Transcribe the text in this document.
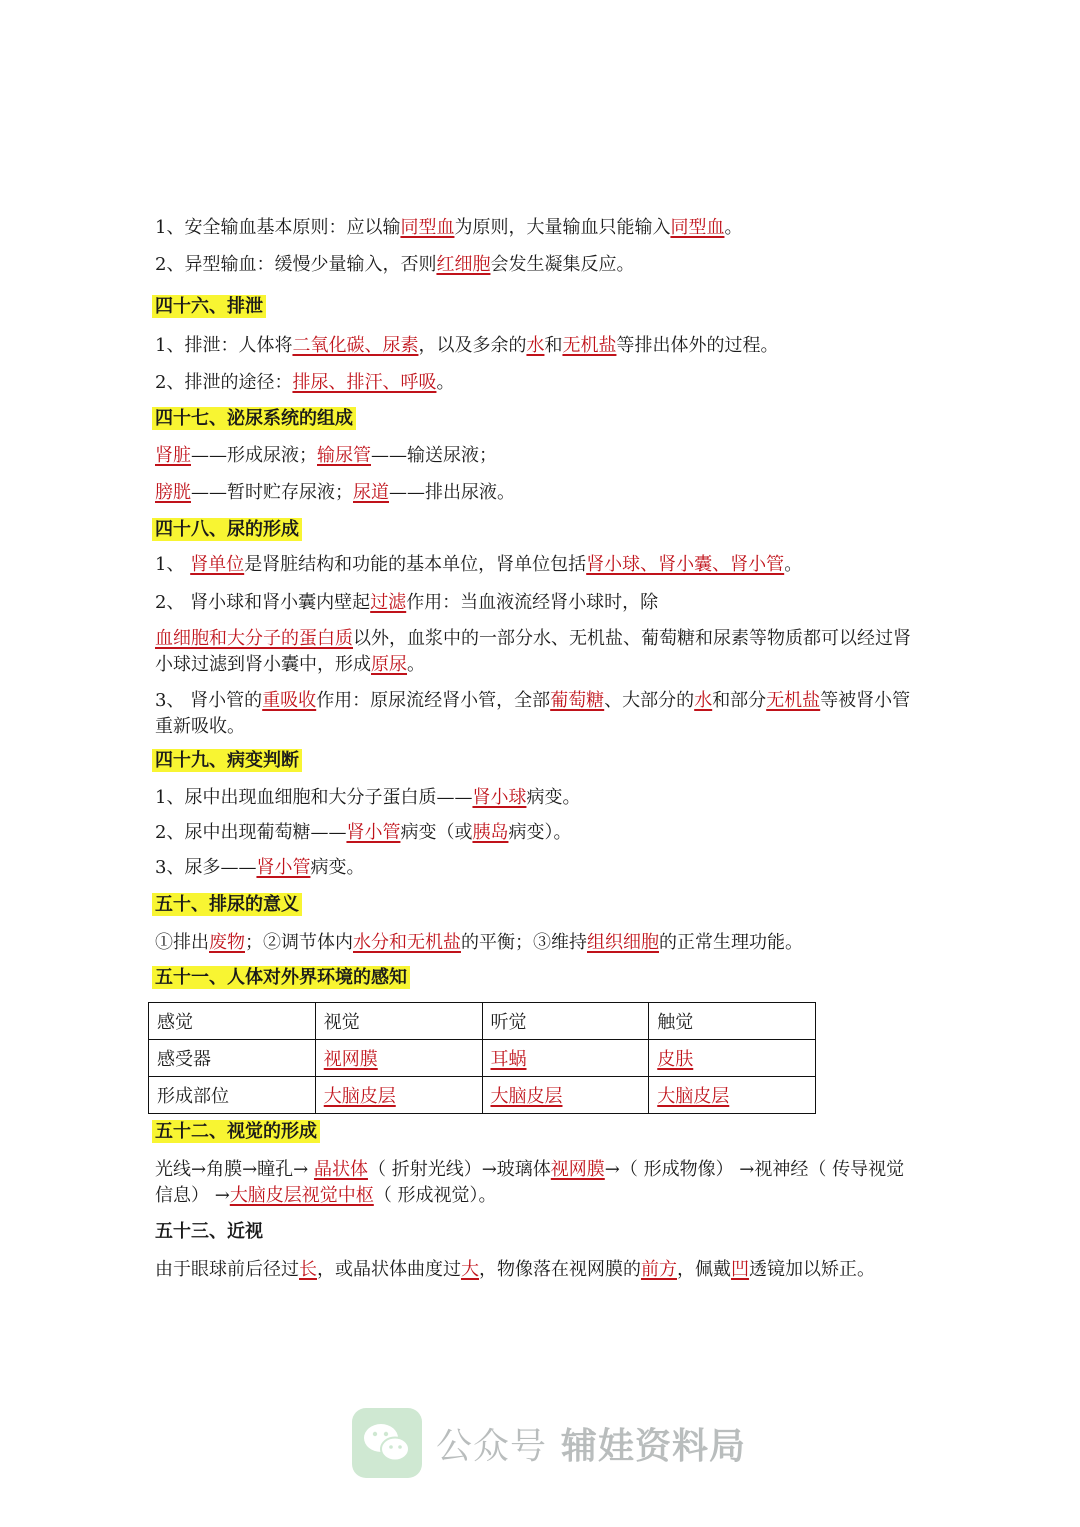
1、安全输血基本原则：应以输同型血为原则，大量输血只能输入同型血。
2、异型输血：缓慢少量输入，否则红细胞会发生凝集反应。
四十六、排泄
1、排泄：人体将二氧化碳、尿素，以及多余的水和无机盐等排出体外的过程。
2、排泄的途径：排尿、排汗、呼吸。
四十七、泌尿系统的组成
肾脏——形成尿液；输尿管——输送尿液；
膀胱——暂时贮存尿液；尿道——排出尿液。
四十八、尿的形成
1、 肾单位是肾脏结构和功能的基本单位，肾单位包括肾小球、肾小囊、肾小管。
2、 肾小球和肾小囊内壁起过滤作用：当血液流经肾小球时，除
血细胞和大分子的蛋白质以外，血浆中的一部分水、无机盐、葡萄糖和尿素等物质都可以经过肾小球过滤到肾小囊中，形成原尿。
3、 肾小管的重吸收作用：原尿流经肾小管，全部葡萄糖、大部分的水和部分无机盐等被肾小管重新吸收。
四十九、病变判断
1、尿中出现血细胞和大分子蛋白质——肾小球病变。
2、尿中出现葡萄糖——肾小管病变（或胰岛病变）。
3、尿多——肾小管病变。
五十、排尿的意义
①排出废物；②调节体内水分和无机盐的平衡；③维持组织细胞的正常生理功能。
五十一、人体对外界环境的感知
感觉	视觉	听觉	触觉
感受器	视网膜	耳蜗	皮肤
形成部位	大脑皮层	大脑皮层	大脑皮层
五十二、视觉的形成
光线→角膜→瞳孔→ 晶状体（ 折射光线）→玻璃体视网膜→（ 形成物像） →视神经（ 传导视觉信息） →大脑皮层视觉中枢（ 形成视觉）。
五十三、近视
由于眼球前后径过长，或晶状体曲度过大，物像落在视网膜的前方，佩戴凹透镜加以矫正。
公众号 辅娃资料局
